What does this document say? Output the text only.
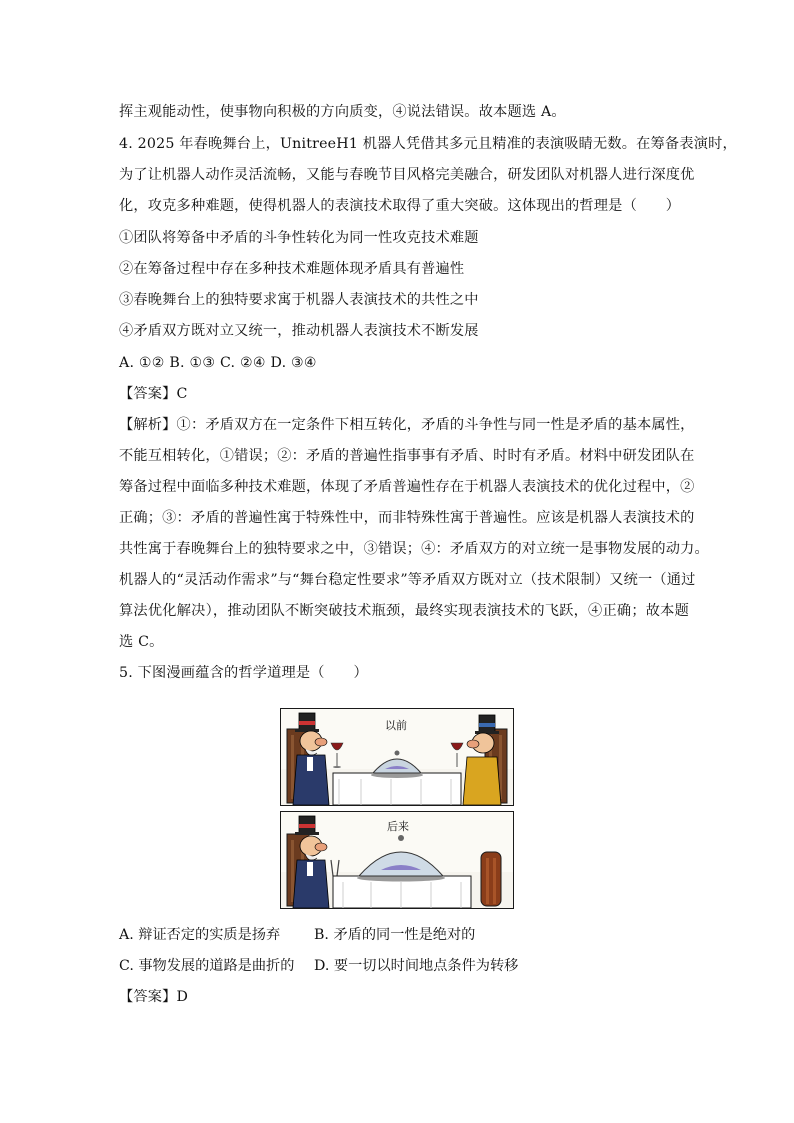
挥主观能动性，使事物向积极的方向质变，④说法错误。故本题选 A。
4. 2025 年春晚舞台上，UnitreeH1 机器人凭借其多元且精准的表演吸睛无数。在筹备表演时，
为了让机器人动作灵活流畅，又能与春晚节目风格完美融合，研发团队对机器人进行深度优
化，攻克多种难题，使得机器人的表演技术取得了重大突破。这体现出的哲理是（　　）
①团队将筹备中矛盾的斗争性转化为同一性攻克技术难题
②在筹备过程中存在多种技术难题体现矛盾具有普遍性
③春晚舞台上的独特要求寓于机器人表演技术的共性之中
④矛盾双方既对立又统一，推动机器人表演技术不断发展
A. ①② B. ①③ C. ②④ D. ③④
【答案】C
【解析】①：矛盾双方在一定条件下相互转化，矛盾的斗争性与同一性是矛盾的基本属性，
不能互相转化，①错误；②：矛盾的普遍性指事事有矛盾、时时有矛盾。材料中研发团队在
筹备过程中面临多种技术难题，体现了矛盾普遍性存在于机器人表演技术的优化过程中，②
正确；③：矛盾的普遍性寓于特殊性中，而非特殊性寓于普遍性。应该是机器人表演技术的
共性寓于春晚舞台上的独特要求之中，③错误；④：矛盾双方的对立统一是事物发展的动力。
机器人的“灵活动作需求”与“舞台稳定性要求”等矛盾双方既对立（技术限制）又统一（通过
算法优化解决），推动团队不断突破技术瓶颈，最终实现表演技术的飞跃，④正确；故本题
选 C。
5. 下图漫画蕴含的哲学道理是（　　）
以前
后来
A. 辩证否定的实质是扬弃 B. 矛盾的同一性是绝对的
C. 事物发展的道路是曲折的 D. 要一切以时间地点条件为转移
【答案】D
